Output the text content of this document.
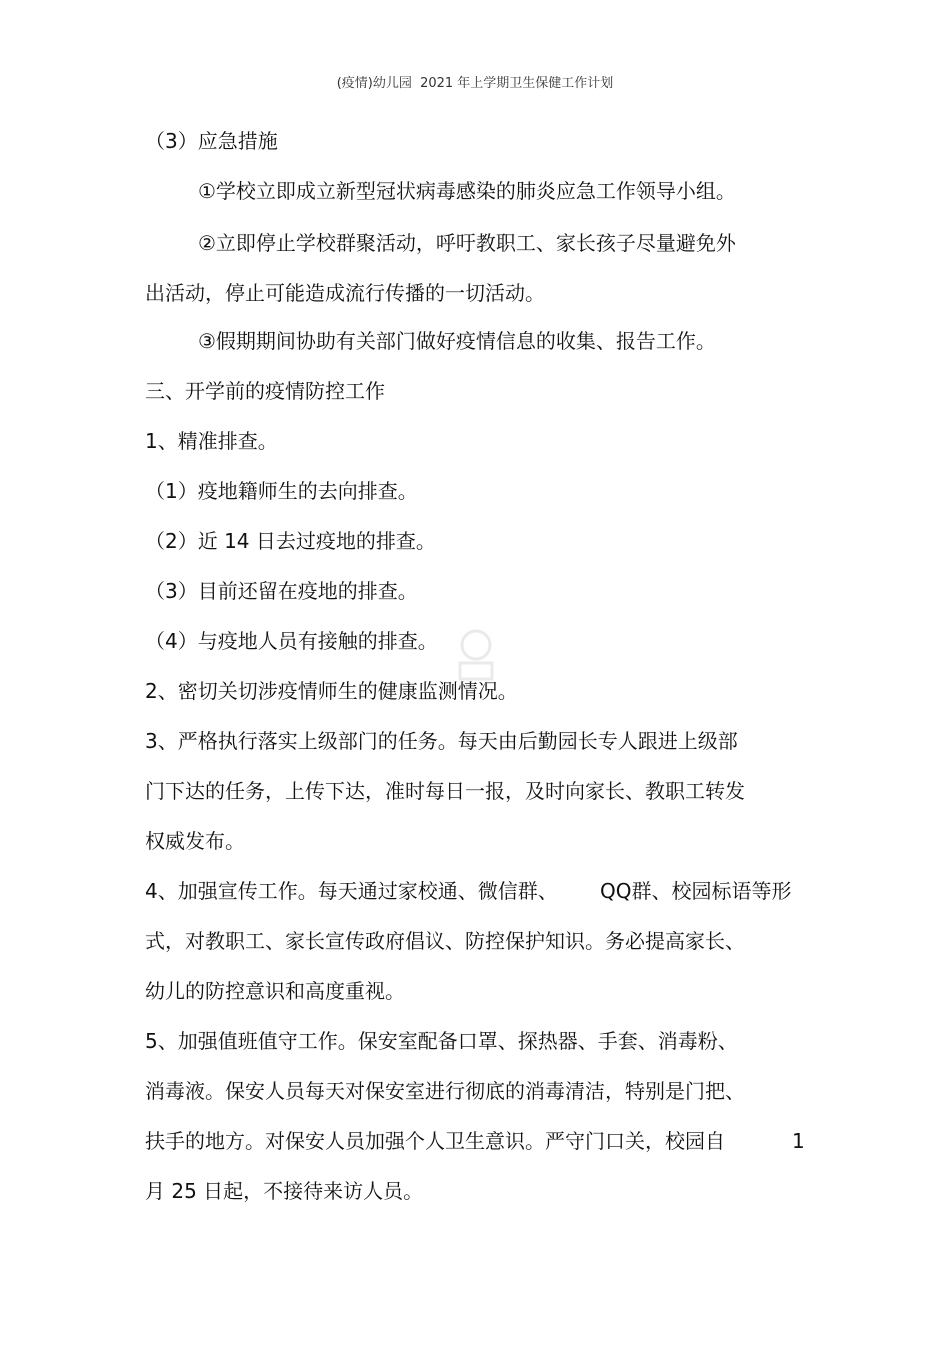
(疫情)幼儿园  2021 年上学期卫生保健工作计划
（3）应急措施
①学校立即成立新型冠状病毒感染的肺炎应急工作领导小组。
②立即停止学校群聚活动，呼吁教职工、家长孩子尽量避免外
出活动，停止可能造成流行传播的一切活动。
③假期期间协助有关部门做好疫情信息的收集、报告工作。
三、开学前的疫情防控工作
1、精准排查。
（1）疫地籍师生的去向排查。
（2）近 14 日去过疫地的排查。
（3）目前还留在疫地的排查。
（4）与疫地人员有接触的排查。
2、密切关切涉疫情师生的健康监测情况。
3、严格执行落实上级部门的任务。每天由后勤园长专人跟进上级部
门下达的任务，上传下达，准时每日一报，及时向家长、教职工转发
权威发布。
4、加强宣传工作。每天通过家校通、微信群、 QQ群、校园标语等形
式，对教职工、家长宣传政府倡议、防控保护知识。务必提高家长、
幼儿的防控意识和高度重视。
5、加强值班值守工作。保安室配备口罩、探热器、手套、消毒粉、
消毒液。保安人员每天对保安室进行彻底的消毒清洁，特别是门把、
扶手的地方。对保安人员加强个人卫生意识。严守门口关，校园自	1
月 25 日起，不接待来访人员。
